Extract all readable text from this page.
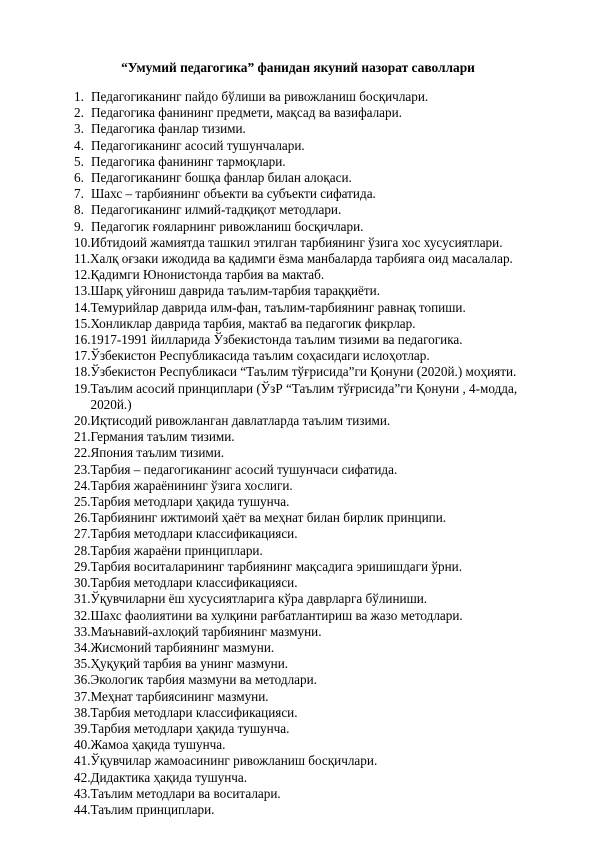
“Умумий педагогика” фанидан якуний назорат саволлари
1. Педагогиканинг пайдо бўлиши ва ривожланиш босқичлари.
2. Педагогика фанининг предмети, мақсад ва вазифалари.
3. Педагогика фанлар тизими.
4. Педагогиканинг асосий тушунчалари.
5. Педагогика фанининг тармоқлари.
6. Педагогиканинг бошқа фанлар билан алоқаси.
7. Шахс – тарбиянинг объекти ва субъекти сифатида.
8. Педагогиканинг илмий-тадқиқот методлари.
9. Педагогик ғояларнинг ривожланиш босқичлари.
10. Ибтидоий жамиятда ташкил этилган тарбиянинг ўзига хос хусусиятлари.
11. Халқ оғзаки ижодида ва қадимги ёзма манбаларда тарбияга оид масалалар.
12. Қадимги Юнонистонда тарбия ва мактаб.
13. Шарқ уйғониш даврида таълим-тарбия тараққиёти.
14. Темурийлар даврида илм-фан, таълим-тарбиянинг равнақ топиши.
15. Хонликлар даврида тарбия, мактаб ва педагогик фикрлар.
16. 1917-1991 йилларида Ўзбекистонда таълим тизими ва педагогика.
17. Ўзбекистон Республикасида таълим соҳасидаги ислоҳотлар.
18. Ўзбекистон Республикаси “Таълим тўғрисида”ги Қонуни (2020й.) моҳияти.
19. Таълим асосий принциплари (ЎзР “Таълим тўғрисида”ги Қонуни , 4-модда, 2020й.)
20. Иқтисодий ривожланган давлатларда таълим тизими.
21. Германия таълим тизими.
22. Япония таълим тизими.
23. Тарбия – педагогиканинг асосий тушунчаси сифатида.
24. Тарбия жараёнининг ўзига хослиги.
25. Тарбия методлари ҳақида тушунча.
26. Тарбиянинг ижтимоий ҳаёт ва меҳнат билан бирлик принципи.
27. Тарбия методлари классификацияси.
28. Тарбия жараёни принциплари.
29. Тарбия воситаларининг тарбиянинг мақсадига эришишдаги ўрни.
30. Тарбия методлари классификацияси.
31. Ўқувчиларни ёш хусусиятларига кўра даврларга бўлиниши.
32. Шахс фаолиятини ва хулқини рағбатлантириш ва жазо методлари.
33. Маънавий-ахлоқий тарбиянинг мазмуни.
34. Жисмоний тарбиянинг мазмуни.
35. Ҳуқуқий тарбия ва унинг мазмуни.
36. Экологик тарбия мазмуни ва методлари.
37. Меҳнат тарбиясининг мазмуни.
38. Тарбия методлари классификацияси.
39. Тарбия методлари ҳақида тушунча.
40. Жамоа ҳақида тушунча.
41. Ўқувчилар жамоасининг ривожланиш босқичлари.
42. Дидактика ҳақида тушунча.
43. Таълим методлари ва воситалари.
44. Таълим принциплари.
